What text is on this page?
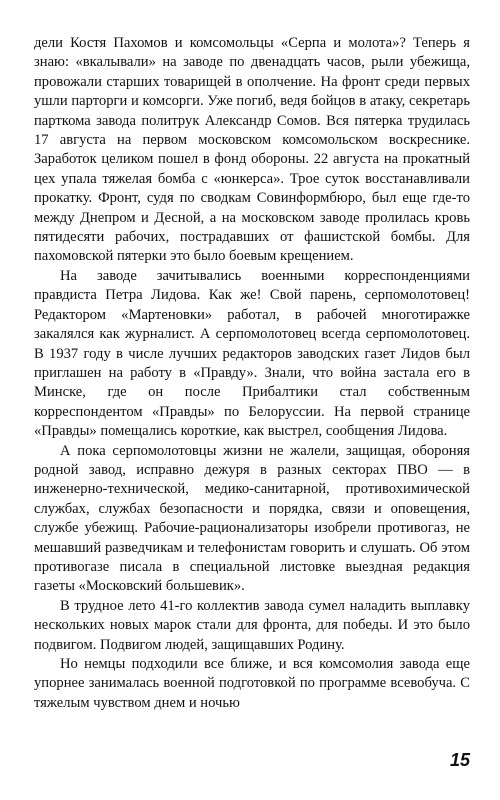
дели Костя Пахомов и комсомольцы «Серпа и молота»? Теперь я знаю: «вкалывали» на заводе по двенадцать часов, рыли убежища, провожали старших товарищей в ополчение. На фронт среди первых ушли парторги и комсорги. Уже погиб, ведя бойцов в атаку, секретарь парткома завода политрук Александр Сомов. Вся пятерка трудилась 17 августа на первом московском комсомольском воскреснике. Заработок целиком пошел в фонд обороны. 22 августа на прокатный цех упала тяжелая бомба с «юнкерса». Трое суток восстанавливали прокатку. Фронт, судя по сводкам Совинформбюро, был еще где-то между Днепром и Десной, а на московском заводе пролилась кровь пятидесяти рабочих, пострадавших от фашистской бомбы. Для пахомовской пятерки это было боевым крещением.

На заводе зачитывались военными корреспонденциями правдиста Петра Лидова. Как же! Свой парень, серпомолотовец! Редактором «Мартеновки» работал, в рабочей многотиражке закалялся как журналист. А серпомолотовец всегда серпомолотовец. В 1937 году в числе лучших редакторов заводских газет Лидов был приглашен на работу в «Правду». Знали, что война застала его в Минске, где он после Прибалтики стал собственным корреспондентом «Правды» по Белоруссии. На первой странице «Правды» помещались короткие, как выстрел, сообщения Лидова.

А пока серпомолотовцы жизни не жалели, защищая, обороняя родной завод, исправно дежуря в разных секторах ПВО — в инженерно-технической, медико-санитарной, противохимической службах, службах безопасности и порядка, связи и оповещения, службе убежищ. Рабочие-рационализаторы изобрели противогаз, не мешавший разведчикам и телефонистам говорить и слушать. Об этом противогазе писала в специальной листовке выездная редакция газеты «Московский большевик».

В трудное лето 41-го коллектив завода сумел наладить выплавку нескольких новых марок стали для фронта, для победы. И это было подвигом. Подвигом людей, защищавших Родину.

Но немцы подходили все ближе, и вся комсомолия завода еще упорнее занималась военной подготовкой по программе всевобуча. С тяжелым чувством днем и ночью

15
